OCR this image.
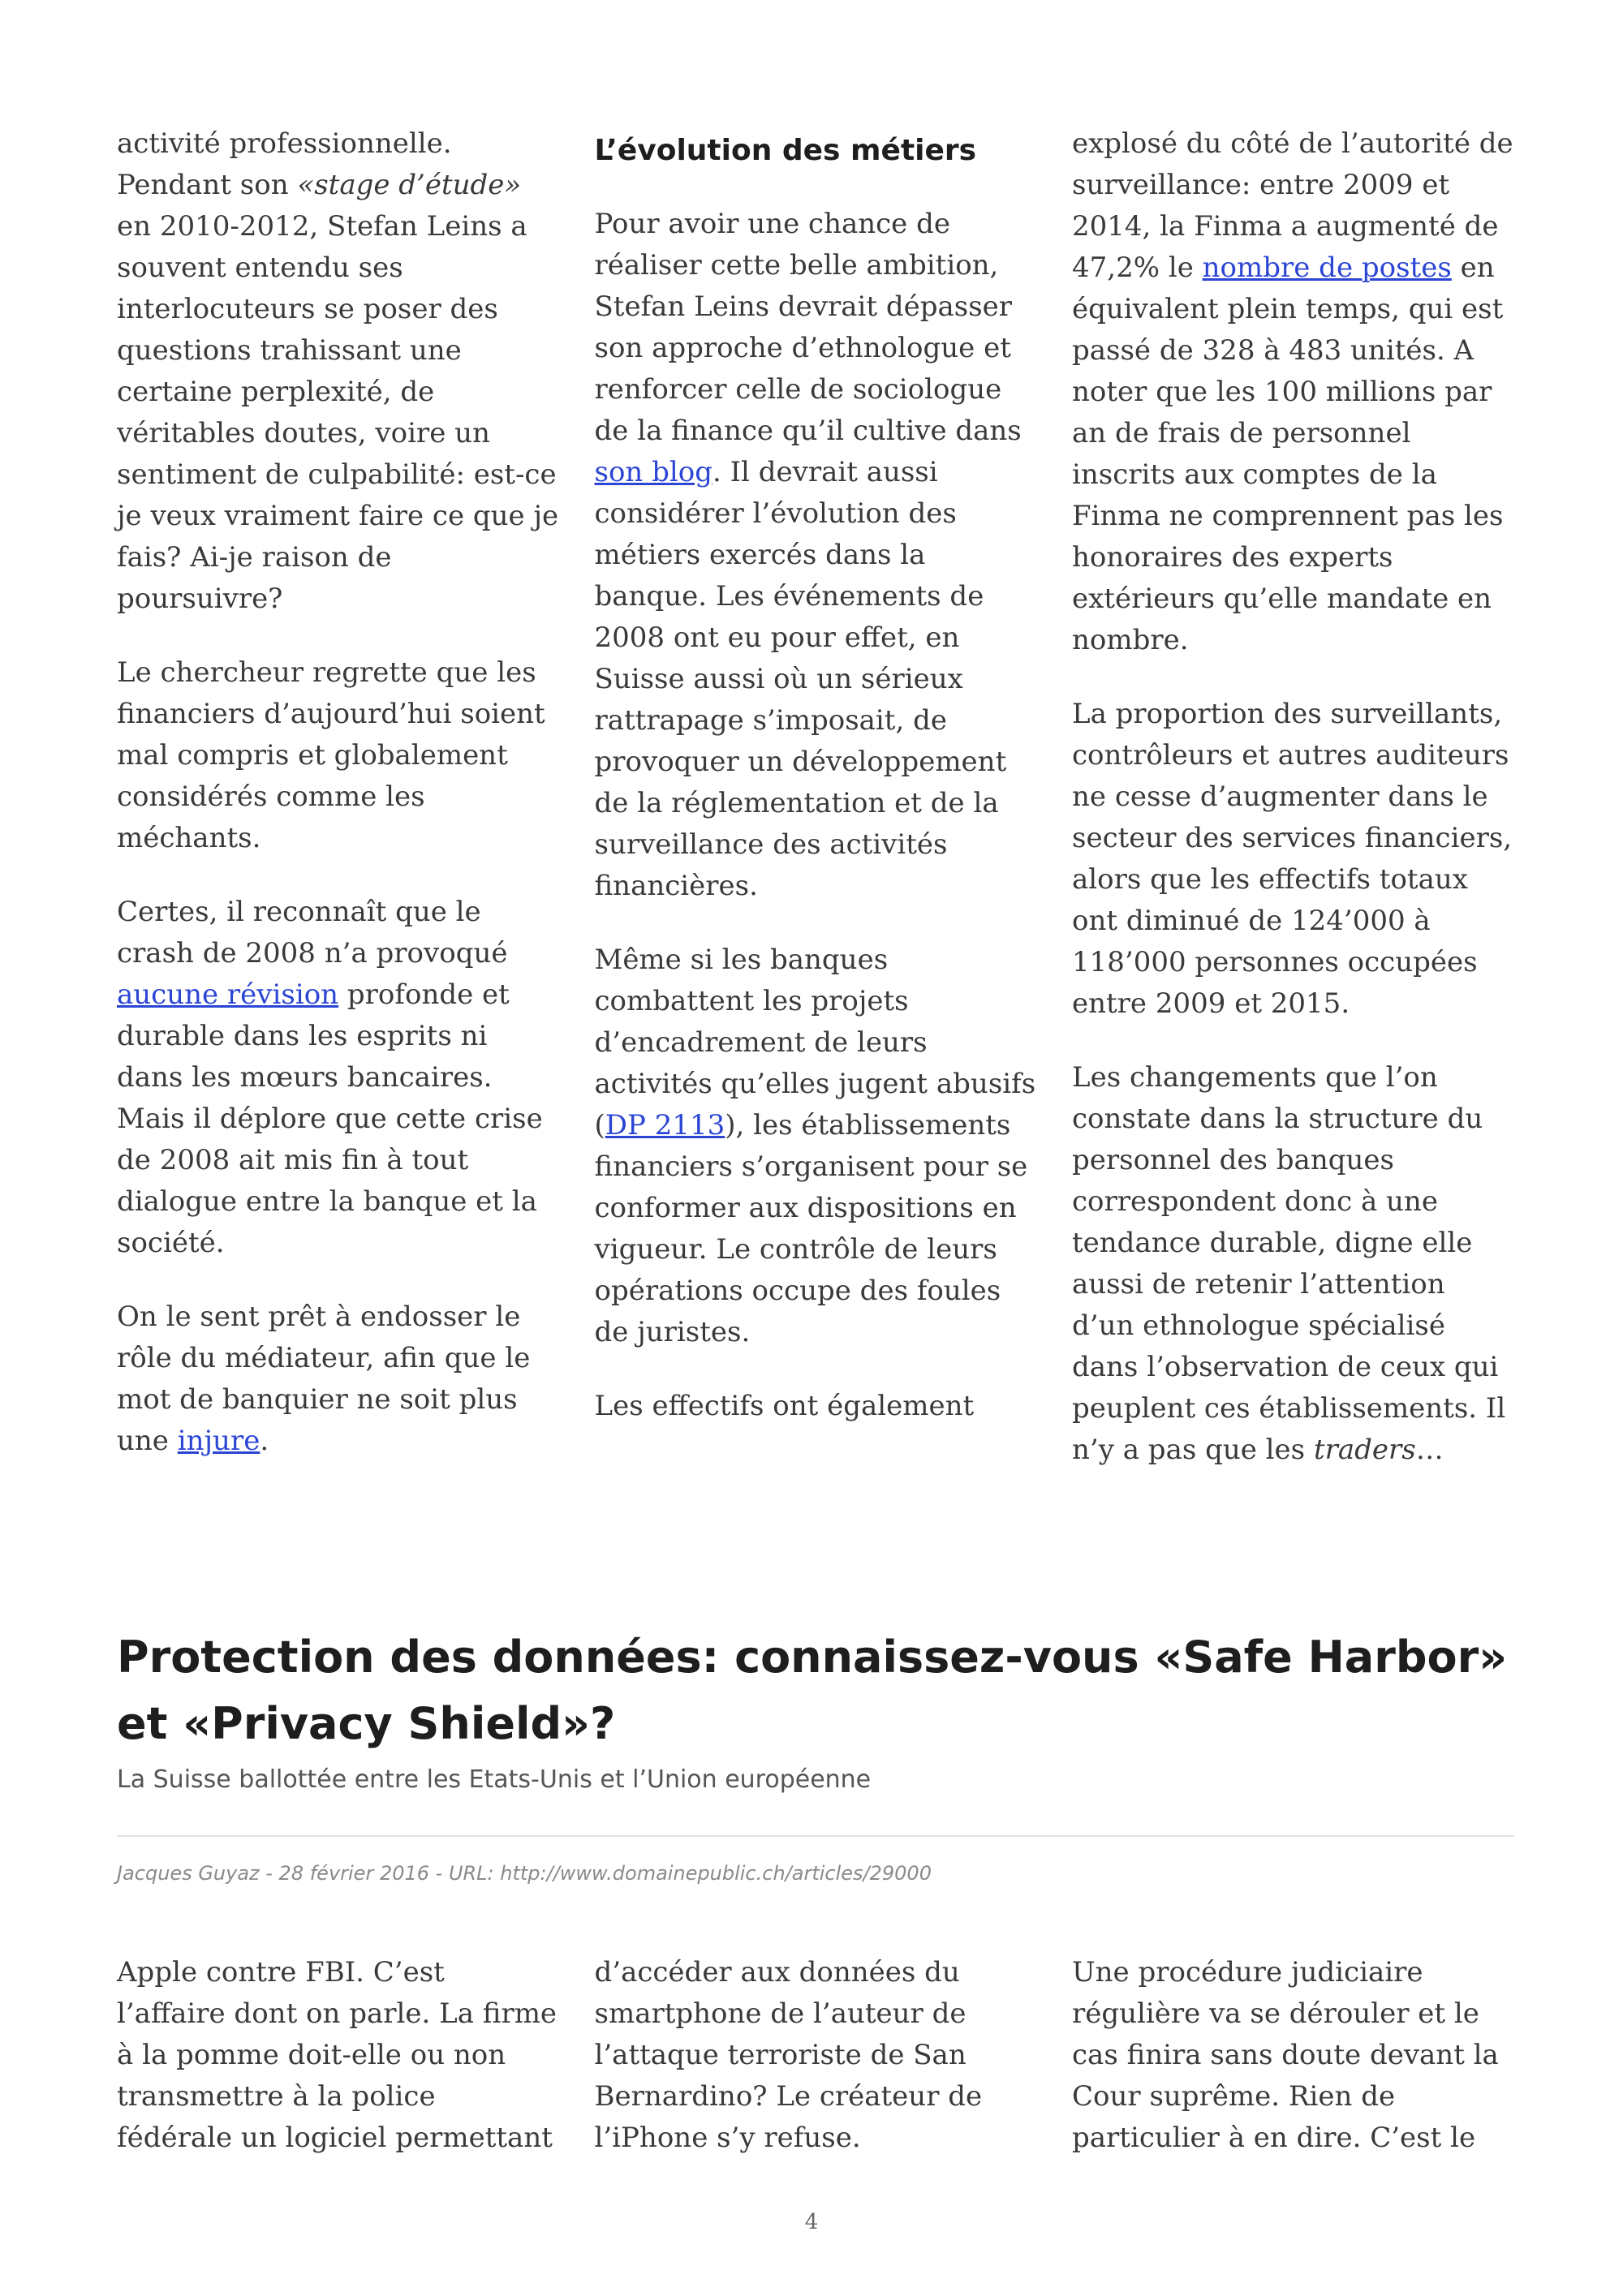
activité professionnelle. Pendant son «stage d’étude» en 2010-2012, Stefan Leins a souvent entendu ses interlocuteurs se poser des questions trahissant une certaine perplexité, de véritables doutes, voire un sentiment de culpabilité: est-ce je veux vraiment faire ce que je fais? Ai-je raison de poursuivre?

Le chercheur regrette que les financiers d’aujourd’hui soient mal compris et globalement considérés comme les méchants.

Certes, il reconnaît que le crash de 2008 n’a provoqué aucune révision profonde et durable dans les esprits ni dans les mœurs bancaires. Mais il déplore que cette crise de 2008 ait mis fin à tout dialogue entre la banque et la société.

On le sent prêt à endosser le rôle du médiateur, afin que le mot de banquier ne soit plus une injure.

L’évolution des métiers

Pour avoir une chance de réaliser cette belle ambition, Stefan Leins devrait dépasser son approche d’ethnologue et renforcer celle de sociologue de la finance qu’il cultive dans son blog. Il devrait aussi considérer l’évolution des métiers exercés dans la banque. Les événements de 2008 ont eu pour effet, en Suisse aussi où un sérieux rattrapage s’imposait, de provoquer un développement de la réglementation et de la surveillance des activités financières.

Même si les banques combattent les projets d’encadrement de leurs activités qu’elles jugent abusifs (DP 2113), les établissements financiers s’organisent pour se conformer aux dispositions en vigueur. Le contrôle de leurs opérations occupe des foules de juristes.

Les effectifs ont également

explosé du côté de l’autorité de surveillance: entre 2009 et 2014, la Finma a augmenté de 47,2% le nombre de postes en équivalent plein temps, qui est passé de 328 à 483 unités. A noter que les 100 millions par an de frais de personnel inscrits aux comptes de la Finma ne comprennent pas les honoraires des experts extérieurs qu’elle mandate en nombre.

La proportion des surveillants, contrôleurs et autres auditeurs ne cesse d’augmenter dans le secteur des services financiers, alors que les effectifs totaux ont diminué de 124’000 à 118’000 personnes occupées entre 2009 et 2015.

Les changements que l’on constate dans la structure du personnel des banques correspondent donc à une tendance durable, digne elle aussi de retenir l’attention d’un ethnologue spécialisé dans l’observation de ceux qui peuplent ces établissements. Il n’y a pas que les traders…

Protection des données: connaissez-vous «Safe Harbor» et «Privacy Shield»?
La Suisse ballottée entre les Etats-Unis et l’Union européenne
Jacques Guyaz - 28 février 2016 - URL: http://www.domainepublic.ch/articles/29000

Apple contre FBI. C’est l’affaire dont on parle. La firme à la pomme doit-elle ou non transmettre à la police fédérale un logiciel permettant

d’accéder aux données du smartphone de l’auteur de l’attaque terroriste de San Bernardino? Le créateur de l’iPhone s’y refuse.

Une procédure judiciaire régulière va se dérouler et le cas finira sans doute devant la Cour suprême. Rien de particulier à en dire. C’est le

4
